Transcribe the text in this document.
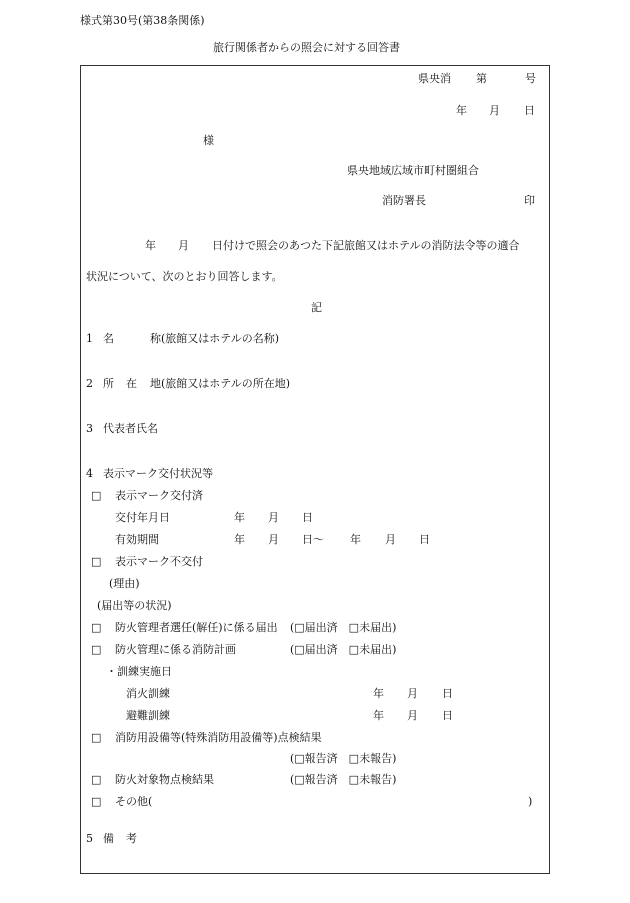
様式第30号(第38条関係)

旅行関係者からの照会に対する回答書

県央消 第	号

年 月 日

様

県央地域広域市町村圏組合

消防署長	印

年 月 日付けで照会のあつた下記旅館又はホテルの消防法令等の適合

状況について、次のとおり回答します。

記

1 名	称(旅館又はホテルの名称)

2 所 在 地(旅館又はホテルの所在地)

3 代表者氏名

4 表示マーク交付状況等

□ 表示マーク交付済

交付年月日	年 月 日

有効期間	年 月 日〜 年 月 日

□ 表示マーク不交付

(理由)

(届出等の状況)

□ 防火管理者選任(解任)に係る届出 (□届出済　□未届出)

□ 防火管理に係る消防計画	(□届出済　□未届出)

・訓練実施日

消火訓練	年 月 日

避難訓練	年 月 日

□ 消防用設備等(特殊消防用設備等)点検結果

(□報告済　□未報告)

□ 防火対象物点検結果	(□報告済　□未報告)

□ その他(	)

5 備 考
